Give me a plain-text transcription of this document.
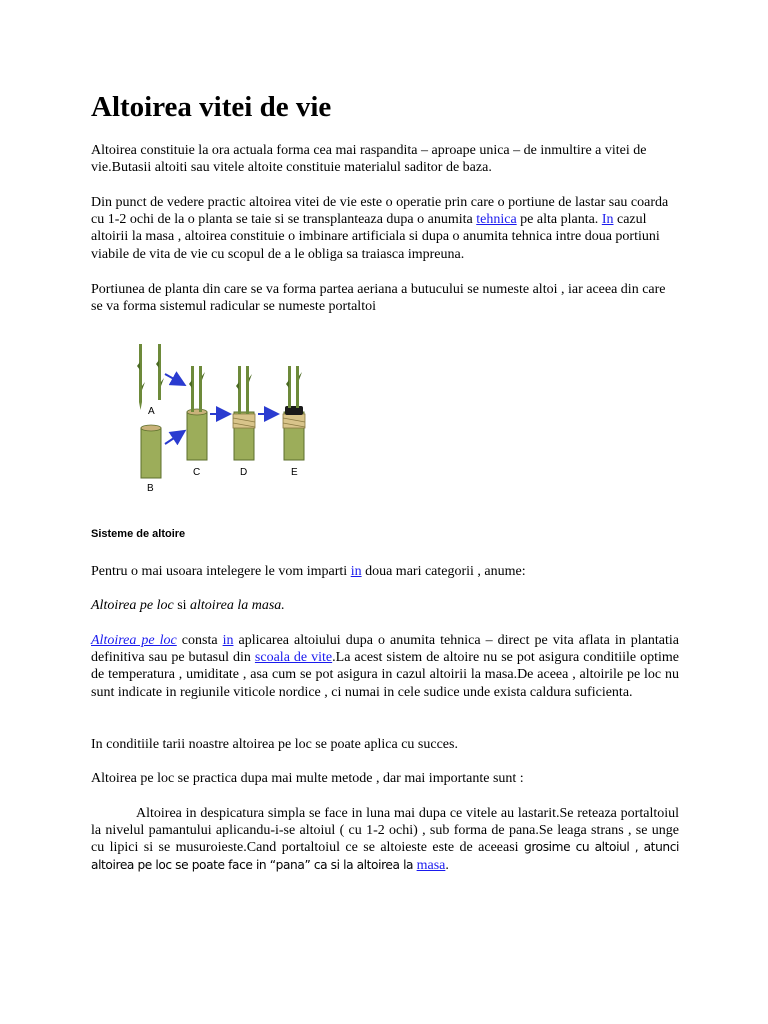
Altoirea vitei de vie

Altoirea constituie la ora actuala forma cea mai raspandita – aproape unica – de inmultire a vitei de vie.Butasii altoiti sau vitele altoite constituie materialul saditor de baza.

Din punct de vedere practic altoirea vitei de vie este o operatie prin care o portiune de lastar sau coarda cu 1-2 ochi de la o planta se taie si se transplanteaza dupa o anumita tehnica pe alta planta. In cazul altoirii la masa , altoirea constituie o imbinare artificiala si dupa o anumita tehnica intre doua portiuni viabile de vita de vie cu scopul de a le obliga sa traiasca impreuna.

Portiunea de planta din care se va forma partea aeriana a butucului se numeste altoi , iar aceea din care se va forma sistemul radicular se numeste portaltoi

A
B
C	D	E

Sisteme de altoire

Pentru o mai usoara intelegere le vom imparti in doua mari categorii , anume:

Altoirea pe loc si altoirea la masa.

Altoirea pe loc consta in aplicarea altoiului dupa o anumita tehnica – direct pe vita aflata in plantatia definitiva sau pe butasul din scoala de vite.La acest sistem de altoire nu se pot asigura conditiile optime de temperatura , umiditate , asa cum se pot asigura in cazul altoirii la masa.De aceea , altoirile pe loc nu sunt indicate in regiunile viticole nordice , ci numai in cele sudice unde exista caldura suficienta.

In conditiile tarii noastre altoirea pe loc se poate aplica cu succes.

Altoirea pe loc se practica dupa mai multe metode , dar mai importante sunt :

Altoirea in despicatura simpla se face in luna mai dupa ce vitele au lastarit.Se reteaza portaltoiul la nivelul pamantului aplicandu-i-se altoiul ( cu 1-2 ochi) , sub forma de pana.Se leaga strans , se unge cu lipici si se musuroieste.Cand portaltoiul ce se altoieste este de aceeasi grosime cu altoiul , atunci altoirea pe loc se poate face in “pana” ca si la altoirea la masa.
